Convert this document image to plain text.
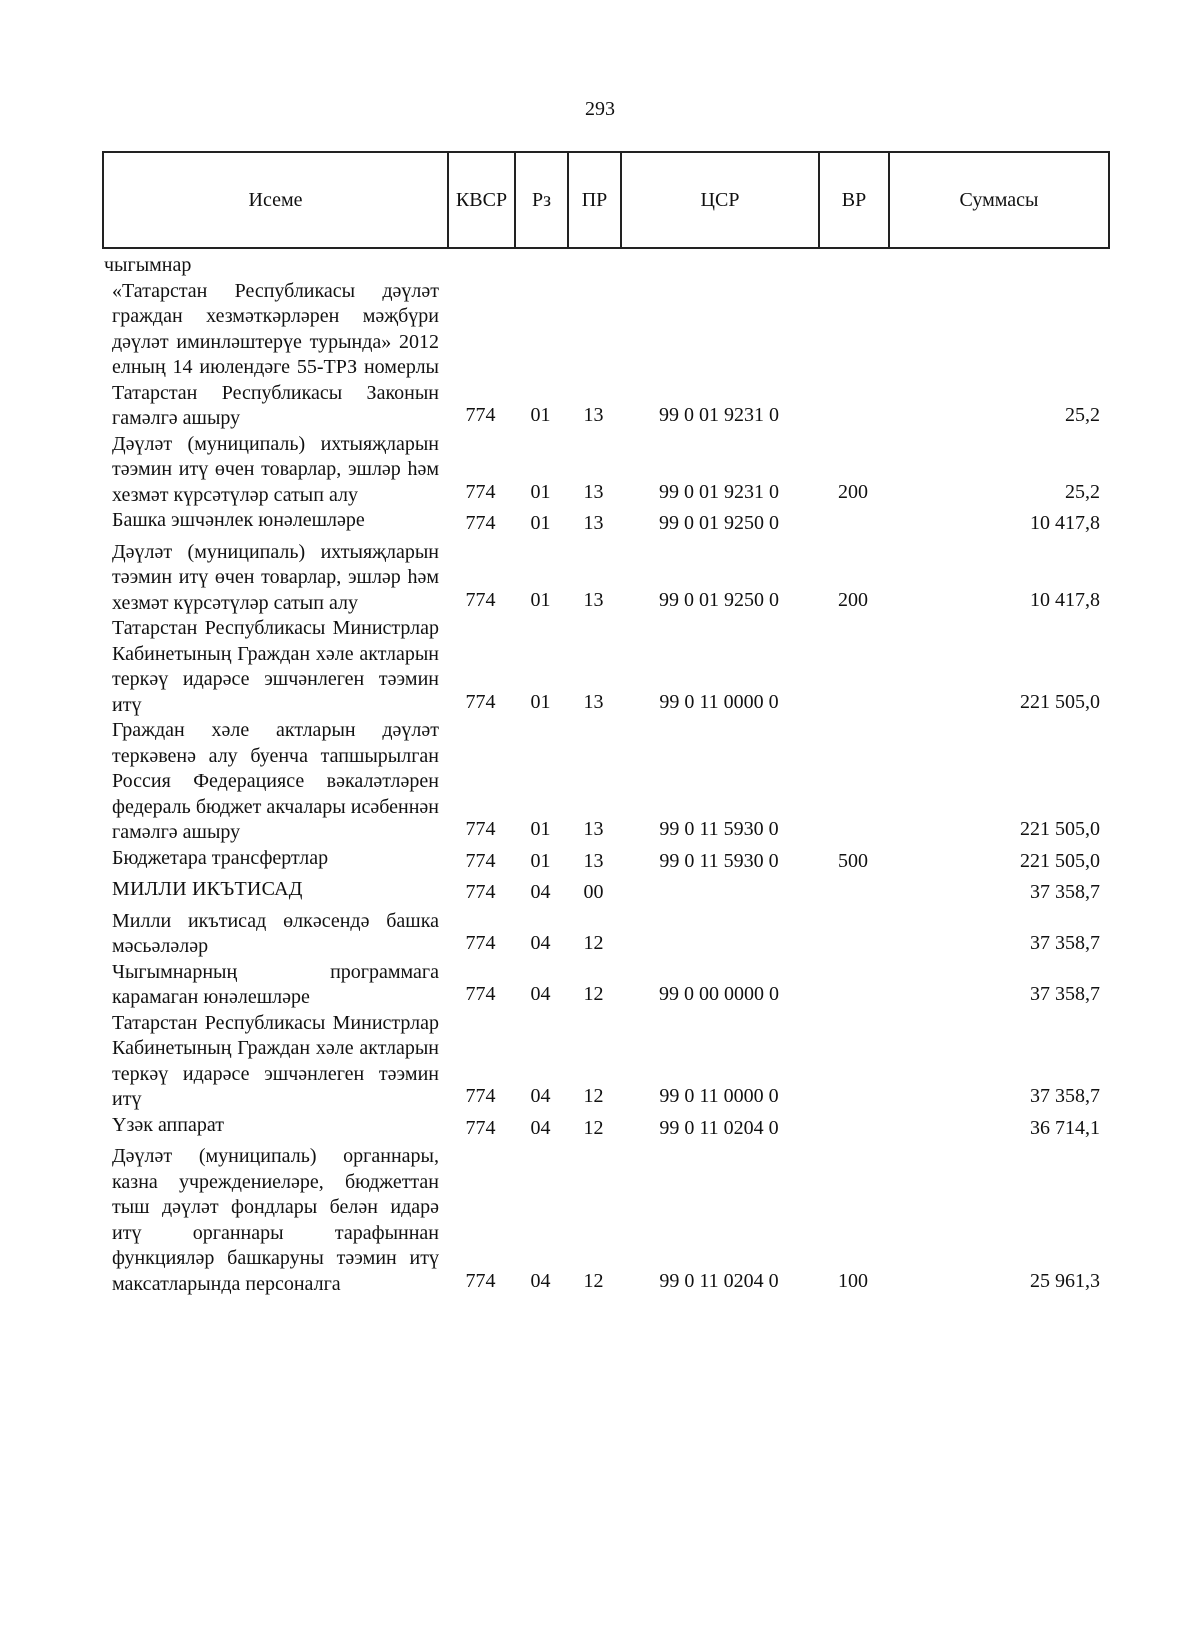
293
Исеме	КВСР	Рз	ПР	ЦСР	ВР	Суммасы
чыгымнар						
«Татарстан Республикасы дәүләт граждан хезмәткәрләрен мәҗбүри дәүләт иминләштерүе турында» 2012 елның 14 июлендәге 55-ТРЗ номерлы Татарстан Республикасы Законын гамәлгә ашыру	774	01	13	99 0 01 9231 0		25,2
Дәүләт (муниципаль) ихтыяҗларын тәэмин итү өчен товарлар, эшләр һәм хезмәт күрсәтүләр сатып алу	774	01	13	99 0 01 9231 0	200	25,2
Башка эшчәнлек юнәлешләре	774	01	13	99 0 01 9250 0		10 417,8
Дәүләт (муниципаль) ихтыяҗларын тәэмин итү өчен товарлар, эшләр һәм хезмәт күрсәтүләр сатып алу	774	01	13	99 0 01 9250 0	200	10 417,8
Татарстан Республикасы Министрлар Кабинетының Граждан хәле актларын теркәү идарәсе эшчәнлеген тәэмин итү	774	01	13	99 0 11 0000 0		221 505,0
Граждан хәле актларын дәүләт теркәвенә алу буенча тапшырылган Россия Федерациясе вәкаләтләрен федераль бюджет акчалары исәбеннән гамәлгә ашыру	774	01	13	99 0 11 5930 0		221 505,0
Бюджетара трансфертлар	774	01	13	99 0 11 5930 0	500	221 505,0
МИЛЛИ ИКЪТИСАД	774	04	00			37 358,7
Милли икътисад өлкәсендә башка мәсьәләләр	774	04	12			37 358,7
Чыгымнарның программага карамаган юнәлешләре	774	04	12	99 0 00 0000 0		37 358,7
Татарстан Республикасы Министрлар Кабинетының Граждан хәле актларын теркәү идарәсе эшчәнлеген тәэмин итү	774	04	12	99 0 11 0000 0		37 358,7
Үзәк аппарат	774	04	12	99 0 11 0204 0		36 714,1
Дәүләт (муниципаль) органнары, казна учреждениеләре, бюджеттан тыш дәүләт фондлары белән идарә итү органнары тарафыннан функцияләр башкаруны тәэмин итү максатларында персоналга	774	04	12	99 0 11 0204 0	100	25 961,3
